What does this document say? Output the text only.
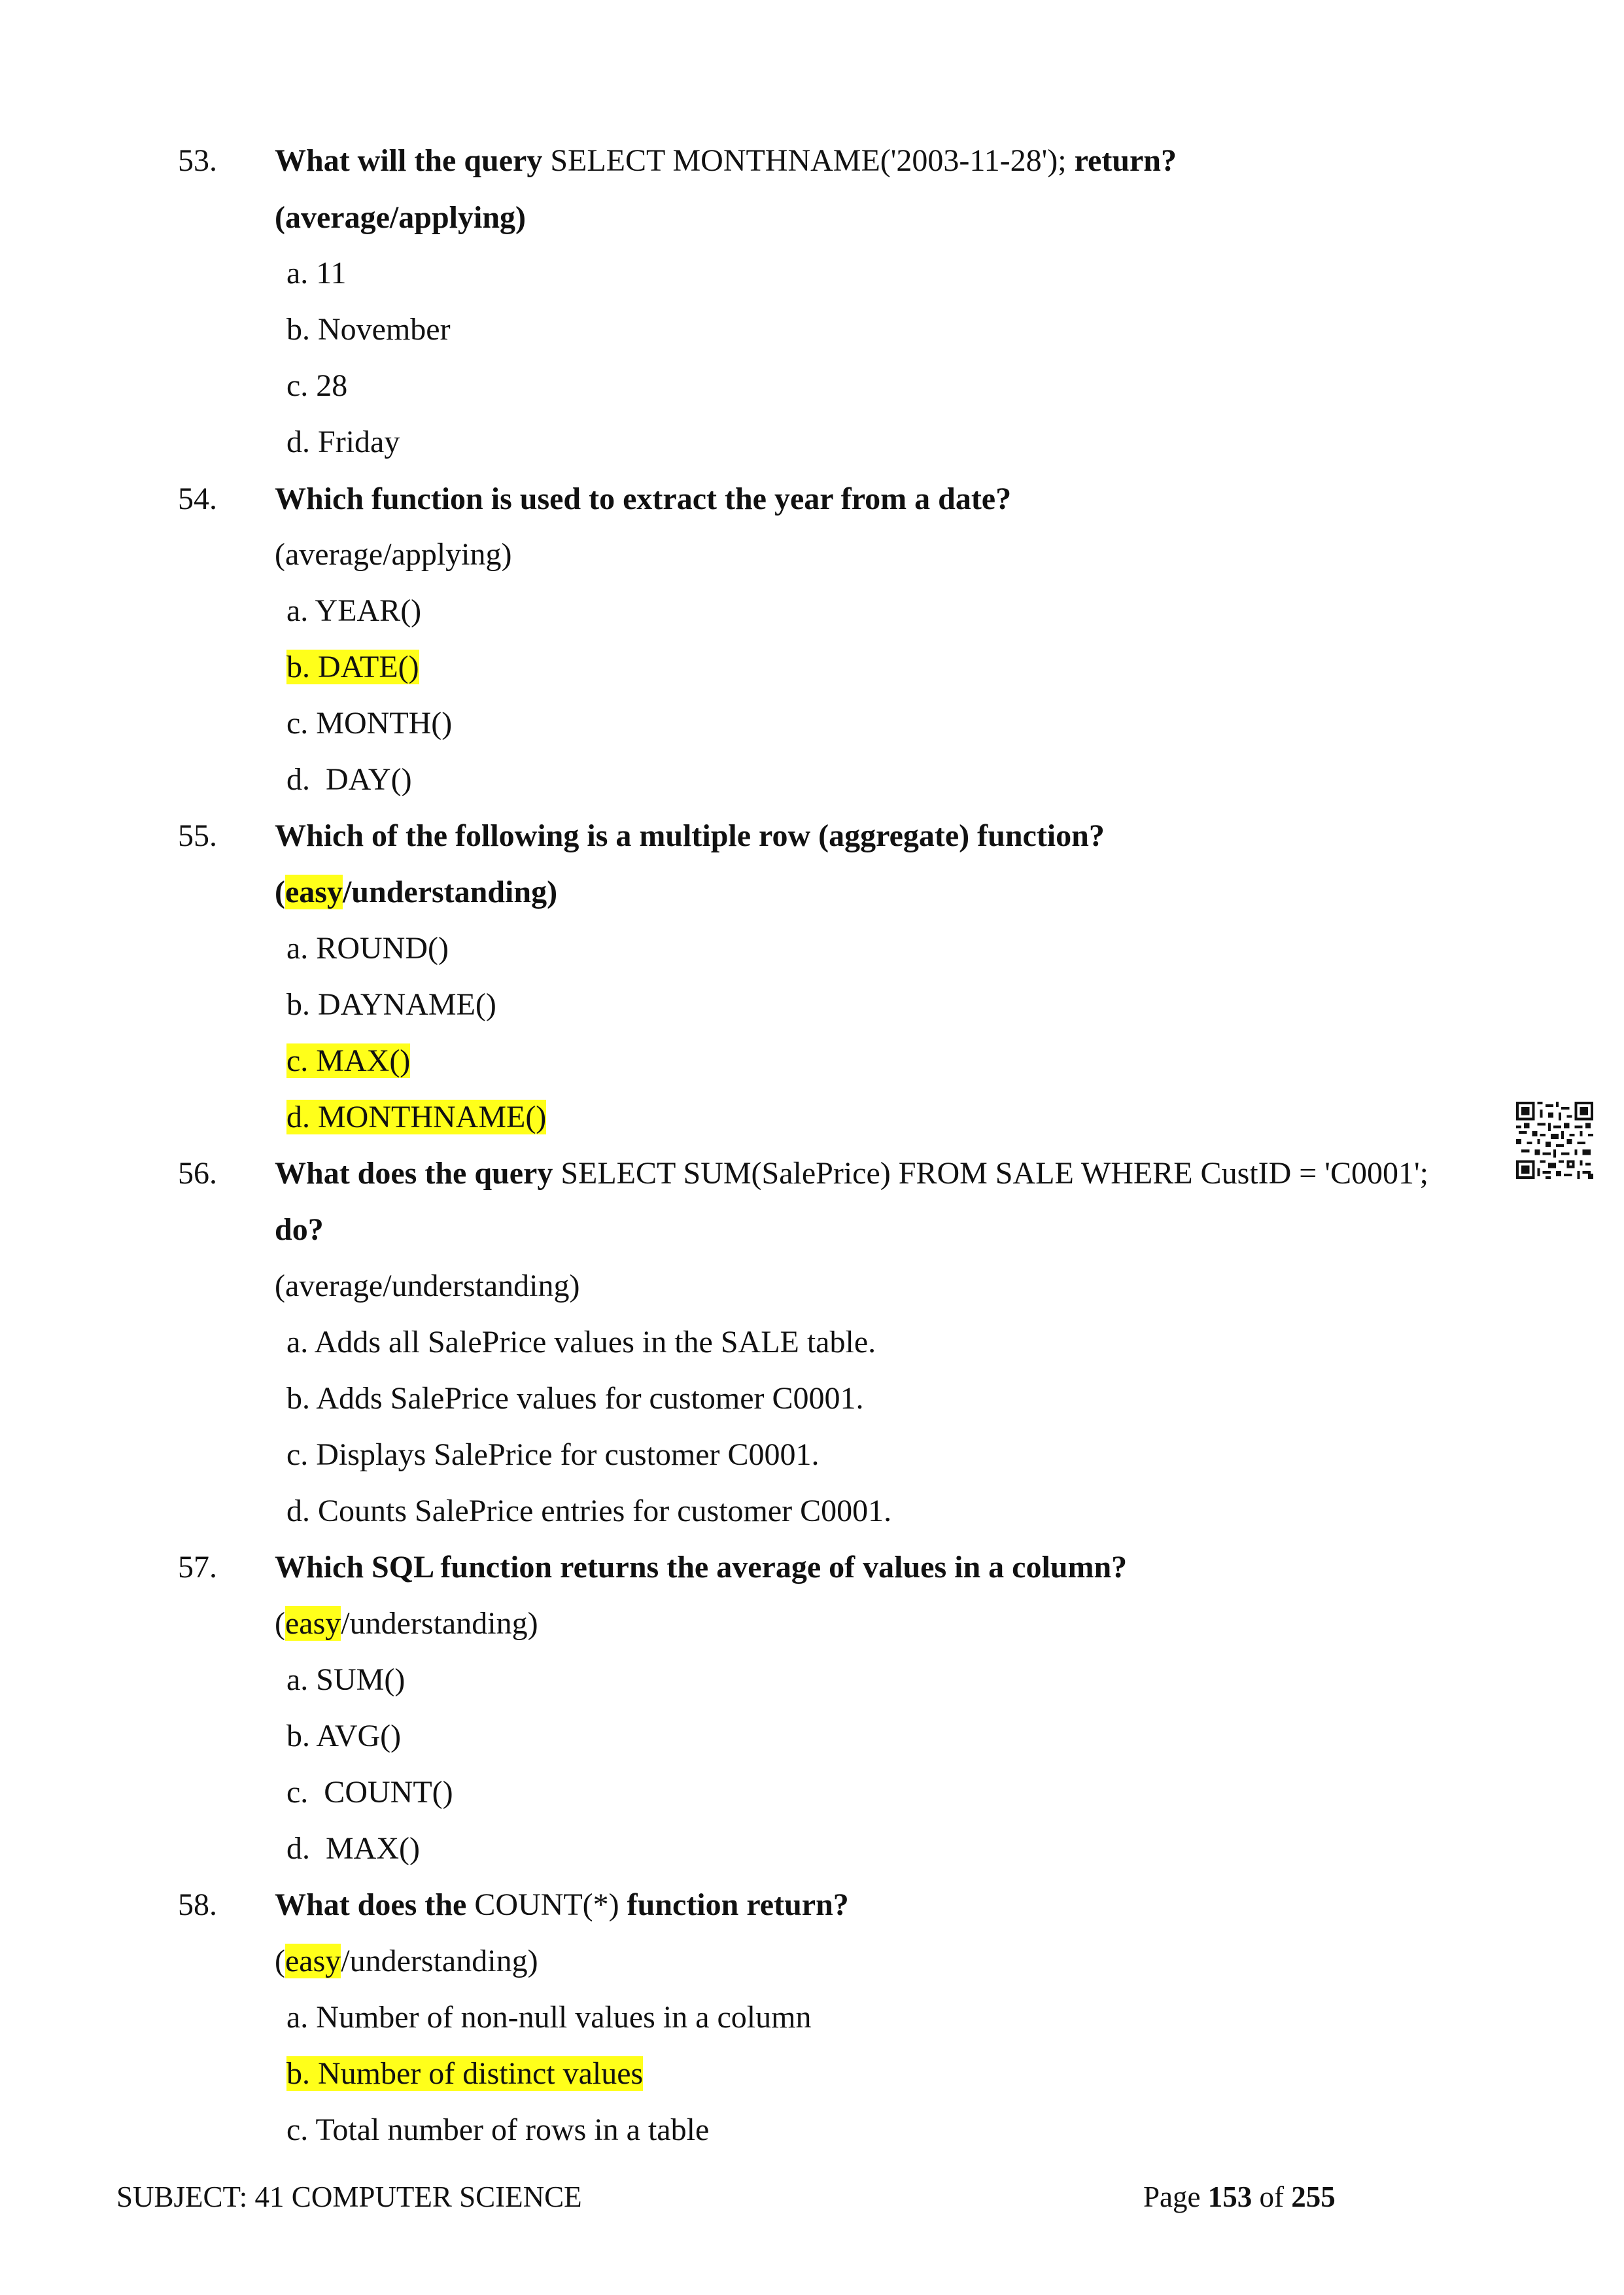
53. What will the query SELECT MONTHNAME('2003-11-28'); return?
(average/applying)
a. 11
b. November
c. 28
d. Friday
54. Which function is used to extract the year from a date?
(average/applying)
a. YEAR()
b. DATE()
c. MONTH()
d.  DAY()
55. Which of the following is a multiple row (aggregate) function?
(easy/understanding)
a. ROUND()
b. DAYNAME()
c. MAX()
d. MONTHNAME()
56. What does the query SELECT SUM(SalePrice) FROM SALE WHERE CustID = 'C0001';
do?
(average/understanding)
a. Adds all SalePrice values in the SALE table.
b. Adds SalePrice values for customer C0001.
c. Displays SalePrice for customer C0001.
d. Counts SalePrice entries for customer C0001.
57. Which SQL function returns the average of values in a column?
(easy/understanding)
a. SUM()
b. AVG()
c.  COUNT()
d.  MAX()
58. What does the COUNT(*) function return?
(easy/understanding)
a. Number of non-null values in a column
b. Number of distinct values
c. Total number of rows in a table
SUBJECT: 41 COMPUTER SCIENCE	Page 153 of 255
